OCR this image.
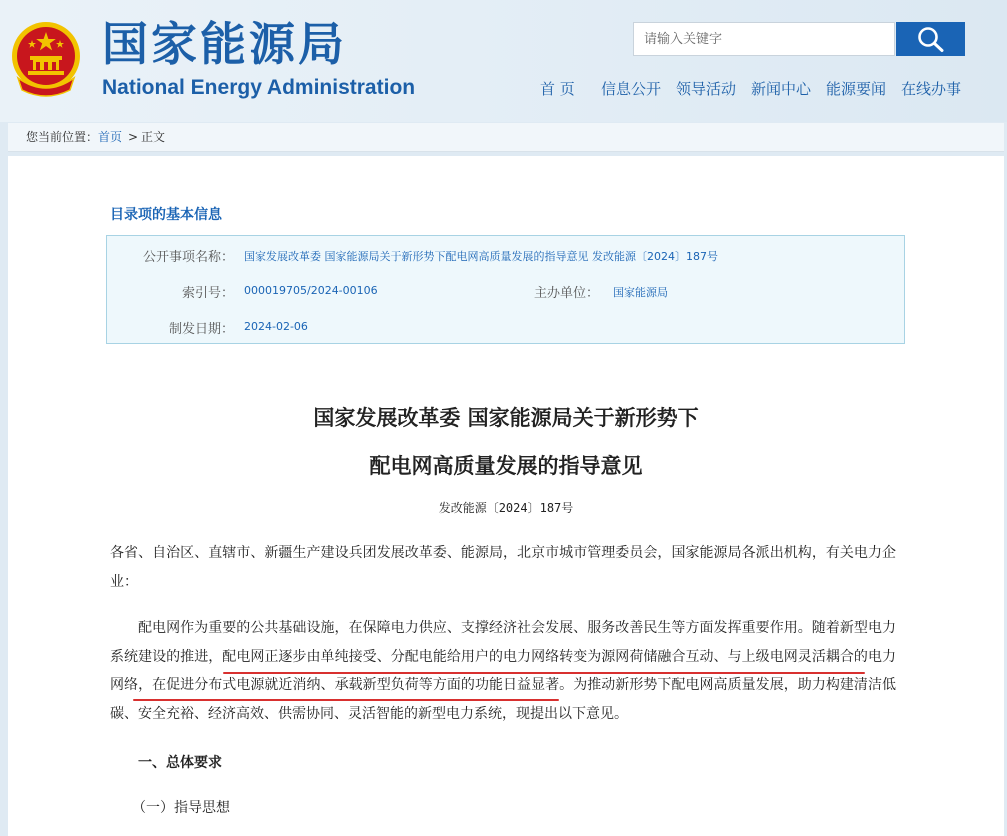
国家能源局
National Energy Administration
请输入关键字	首 页 信息公开 领导活动 新闻中心 能源要闻 在线办事
您当前位置： 首页 > 正文
目录项的基本信息
公开事项名称： 国家发展改革委 国家能源局关于新形势下配电网高质量发展的指导意见 发改能源〔2024〕187号
索引号： 000019705/2024-00106	主办单位： 国家能源局
制发日期： 2024-02-06
国家发展改革委 国家能源局关于新形势下
配电网高质量发展的指导意见
发改能源〔2024〕187号
各省、自治区、直辖市、新疆生产建设兵团发展改革委、能源局，北京市城市管理委员会，国家能源局各派出机构，有关电力企业：
配电网作为重要的公共基础设施，在保障电力供应、支撑经济社会发展、服务改善民生等方面发挥重要作用。随着新型电力系统建设的推进，配电网正逐步由单纯接受、分配电能给用户的电力网络转变为源网荷储融合互动、与上级电网灵活耦合的电力网络，在促进分布式电源就近消纳、承载新型负荷等方面的功能日益显著。为推动新形势下配电网高质量发展，助力构建清洁低碳、安全充裕、经济高效、供需协同、灵活智能的新型电力系统，现提出以下意见。
一、总体要求
（一）指导思想
